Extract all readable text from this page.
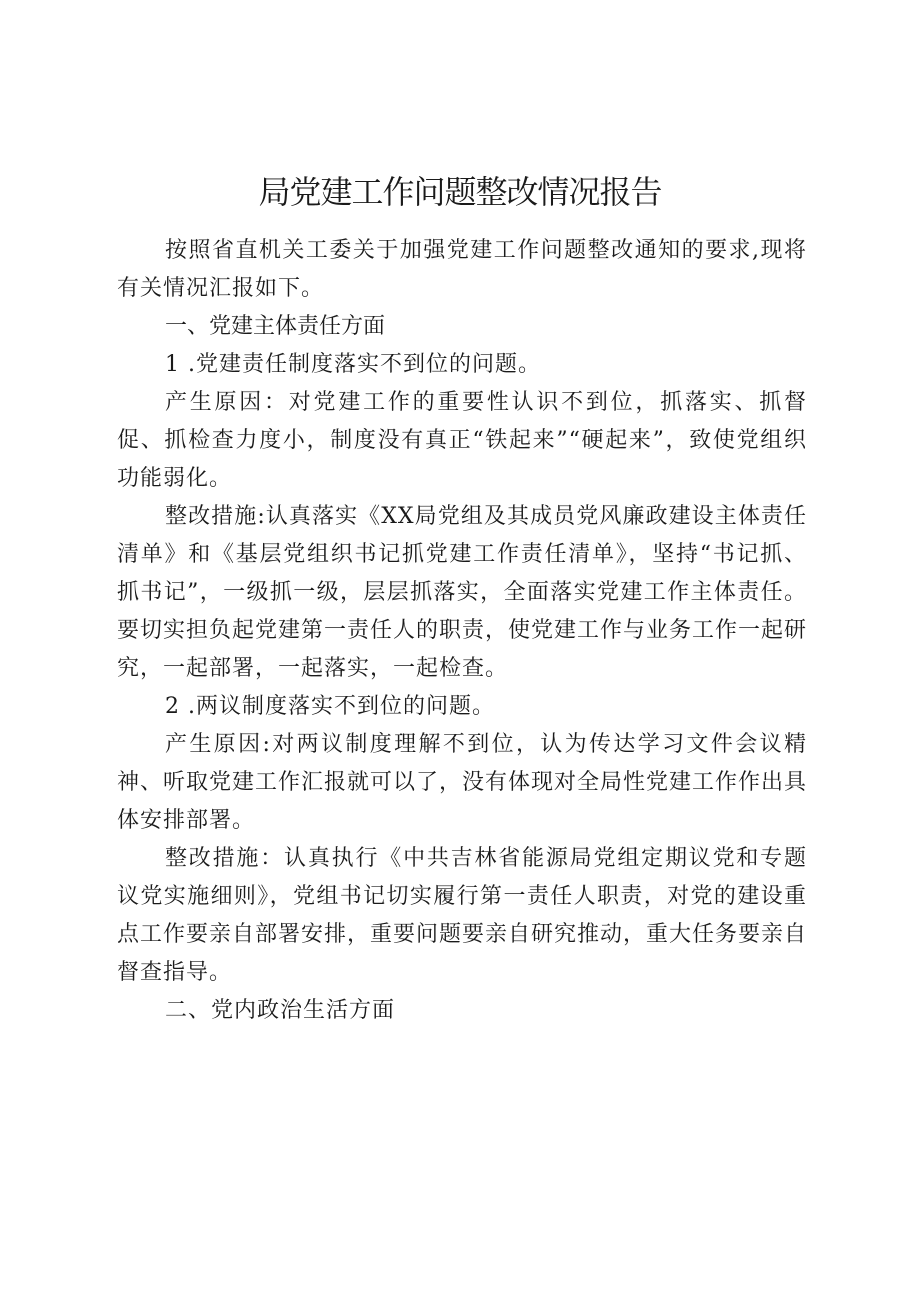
局党建工作问题整改情况报告

按照省直机关工委关于加强党建工作问题整改通知的要求,现将有关情况汇报如下。

一、党建主体责任方面

1 .党建责任制度落实不到位的问题。

产生原因：对党建工作的重要性认识不到位，抓落实、抓督促、抓检查力度小，制度没有真正“铁起来”“硬起来”，致使党组织功能弱化。

整改措施:认真落实《XX局党组及其成员党风廉政建设主体责任清单》和《基层党组织书记抓党建工作责任清单》，坚持“书记抓、抓书记”，一级抓一级，层层抓落实，全面落实党建工作主体责任。要切实担负起党建第一责任人的职责，使党建工作与业务工作一起研究，一起部署，一起落实，一起检查。

2 .两议制度落实不到位的问题。

产生原因:对两议制度理解不到位，认为传达学习文件会议精神、听取党建工作汇报就可以了，没有体现对全局性党建工作作出具体安排部署。

整改措施：认真执行《中共吉林省能源局党组定期议党和专题议党实施细则》，党组书记切实履行第一责任人职责，对党的建设重点工作要亲自部署安排，重要问题要亲自研究推动，重大任务要亲自督查指导。

二、党内政治生活方面
